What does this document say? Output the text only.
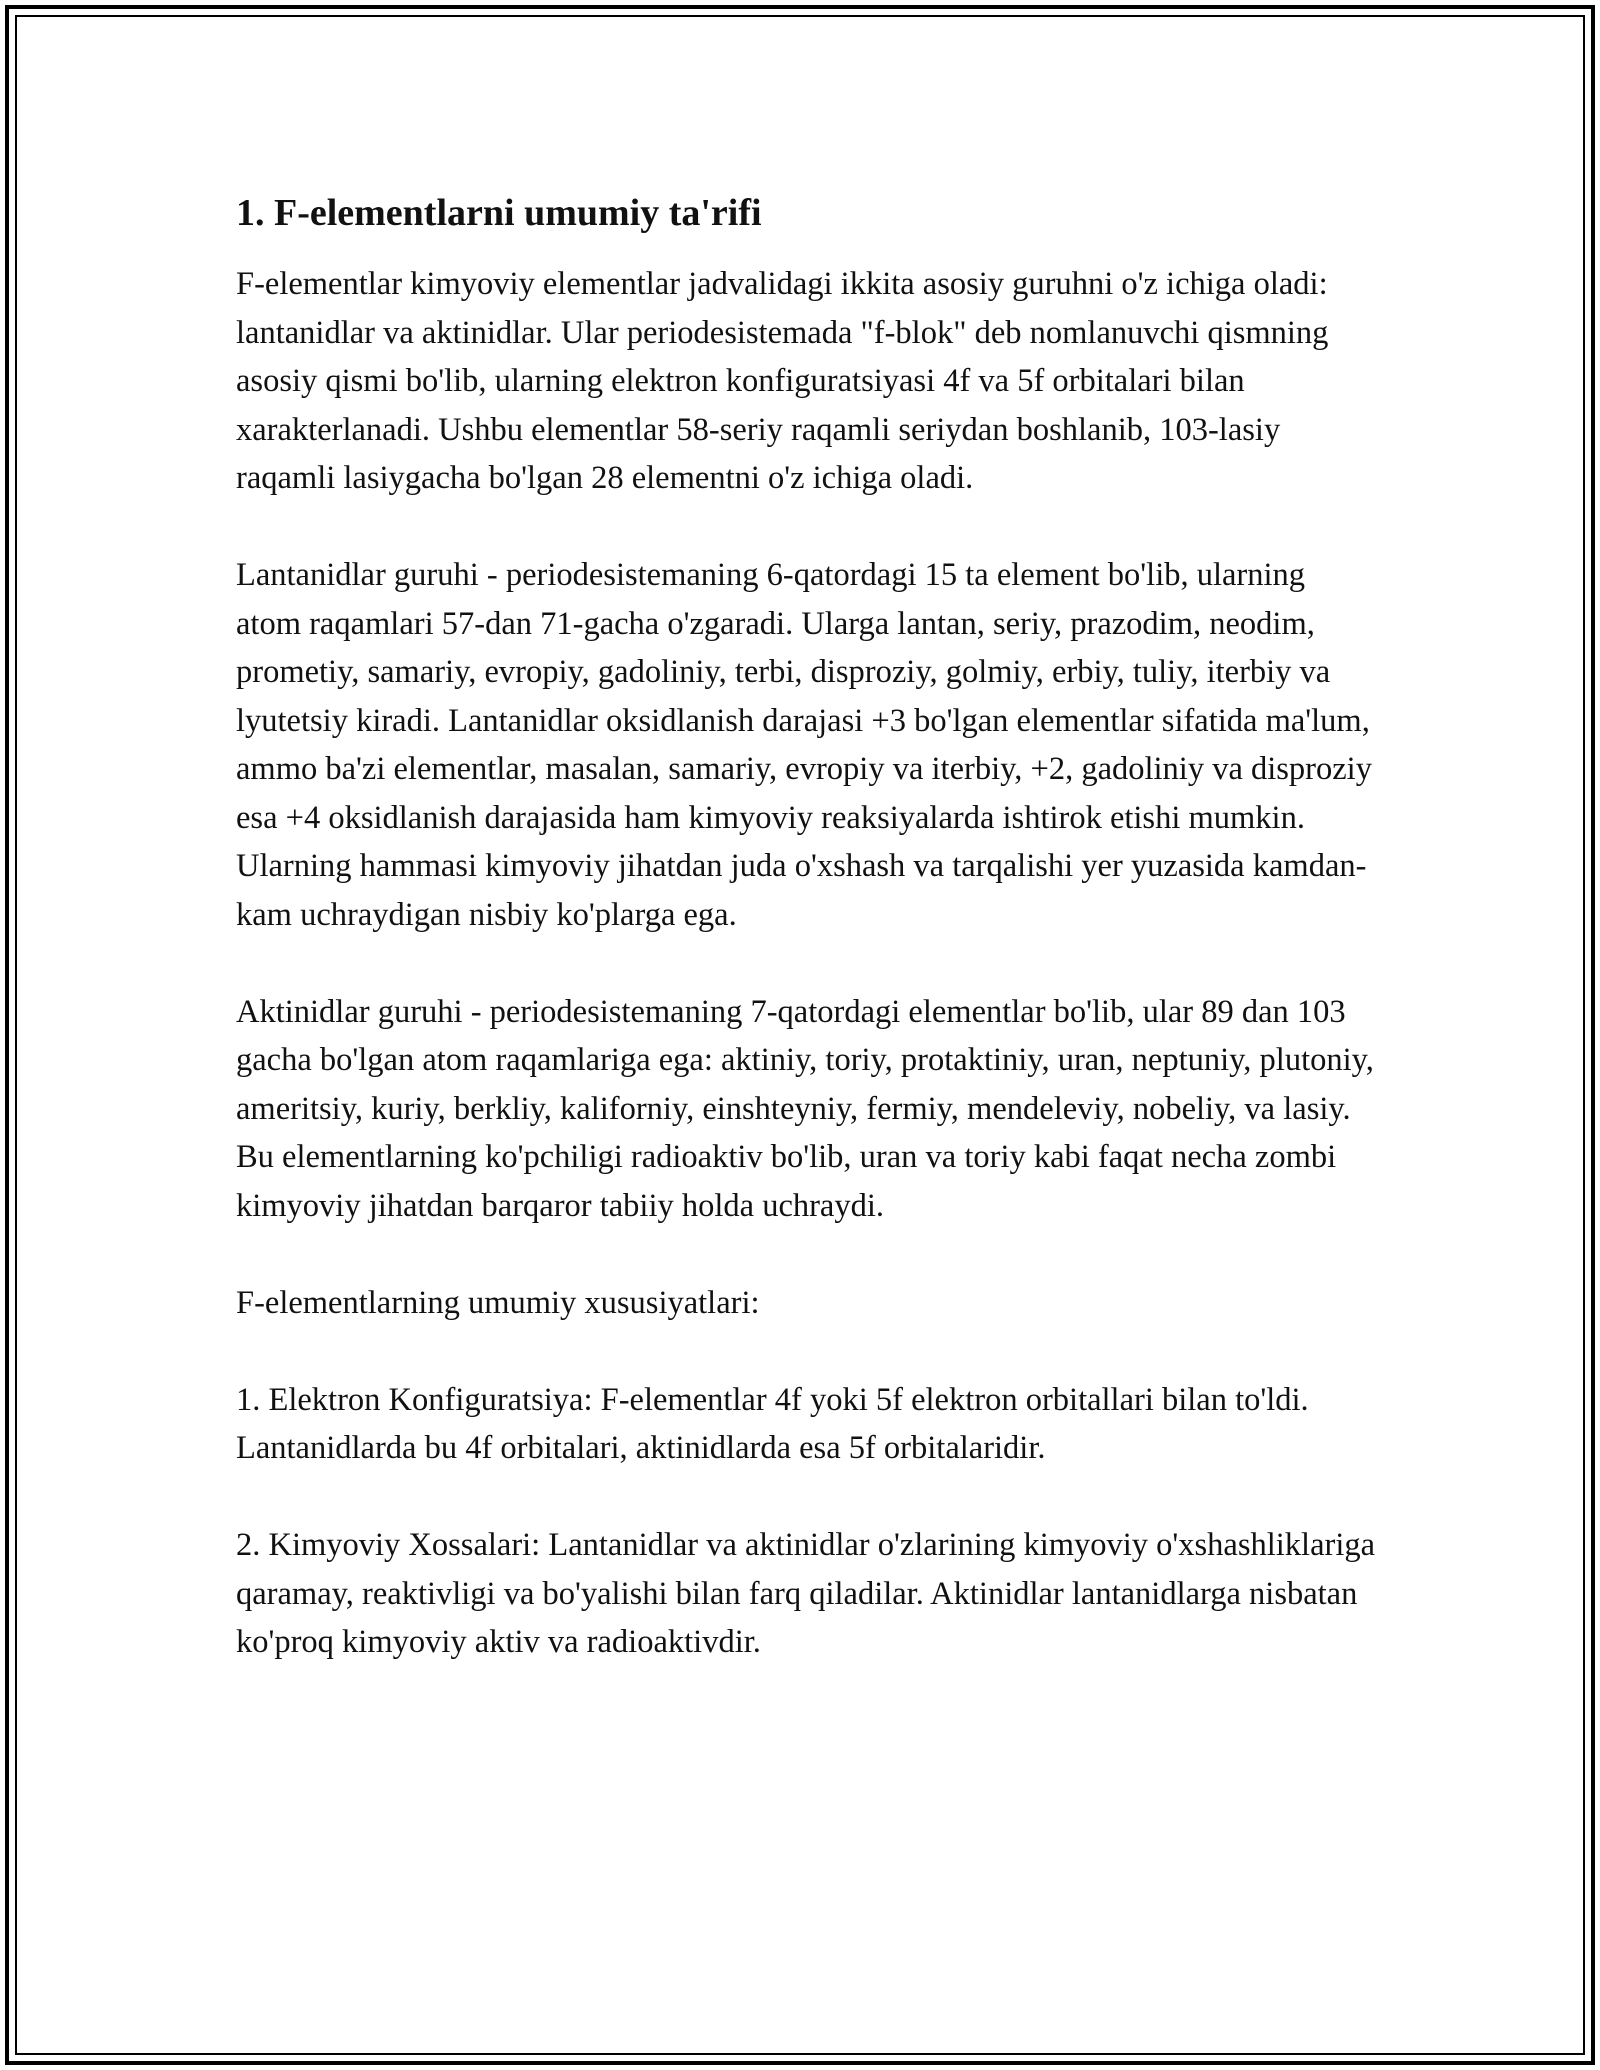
1. F-elementlarni umumiy ta'rifi

F-elementlar kimyoviy elementlar jadvalidagi ikkita asosiy guruhni o'z ichiga oladi: lantanidlar va aktinidlar. Ular periodesistemada "f-blok" deb nomlanuvchi qismning asosiy qismi bo'lib, ularning elektron konfiguratsiyasi 4f va 5f orbitalari bilan xarakterlanadi. Ushbu elementlar 58-seriy raqamli seriydan boshlanib, 103-lasiy raqamli lasiygacha bo'lgan 28 elementni o'z ichiga oladi.

Lantanidlar guruhi - periodesistemaning 6-qatordagi 15 ta element bo'lib, ularning atom raqamlari 57-dan 71-gacha o'zgaradi. Ularga lantan, seriy, prazodim, neodim, prometiy, samariy, evropiy, gadoliniy, terbi, disproziy, golmiy, erbiy, tuliy, iterbiy va lyutetsiy kiradi. Lantanidlar oksidlanish darajasi +3 bo'lgan elementlar sifatida ma'lum, ammo ba'zi elementlar, masalan, samariy, evropiy va iterbiy, +2, gadoliniy va disproziy esa +4 oksidlanish darajasida ham kimyoviy reaksiyalarda ishtirok etishi mumkin. Ularning hammasi kimyoviy jihatdan juda o'xshash va tarqalishi yer yuzasida kamdan-kam uchraydigan nisbiy ko'plarga ega.

Aktinidlar guruhi - periodesistemaning 7-qatordagi elementlar bo'lib, ular 89 dan 103 gacha bo'lgan atom raqamlariga ega: aktiniy, toriy, protaktiniy, uran, neptuniy, plutoniy, ameritsiy, kuriy, berkliy, kaliforniy, einshteyniy, fermiy, mendeleviy, nobeliy, va lasiy. Bu elementlarning ko'pchiligi radioaktiv bo'lib, uran va toriy kabi faqat necha zombi kimyoviy jihatdan barqaror tabiiy holda uchraydi.

F-elementlarning umumiy xususiyatlari:

1. Elektron Konfiguratsiya: F-elementlar 4f yoki 5f elektron orbitallari bilan to'ldi. Lantanidlarda bu 4f orbitalari, aktinidlarda esa 5f orbitalaridir.

2. Kimyoviy Xossalari: Lantanidlar va aktinidlar o'zlarining kimyoviy o'xshashliklariga qaramay, reaktivligi va bo'yalishi bilan farq qiladilar. Aktinidlar lantanidlarga nisbatan ko'proq kimyoviy aktiv va radioaktivdir.
